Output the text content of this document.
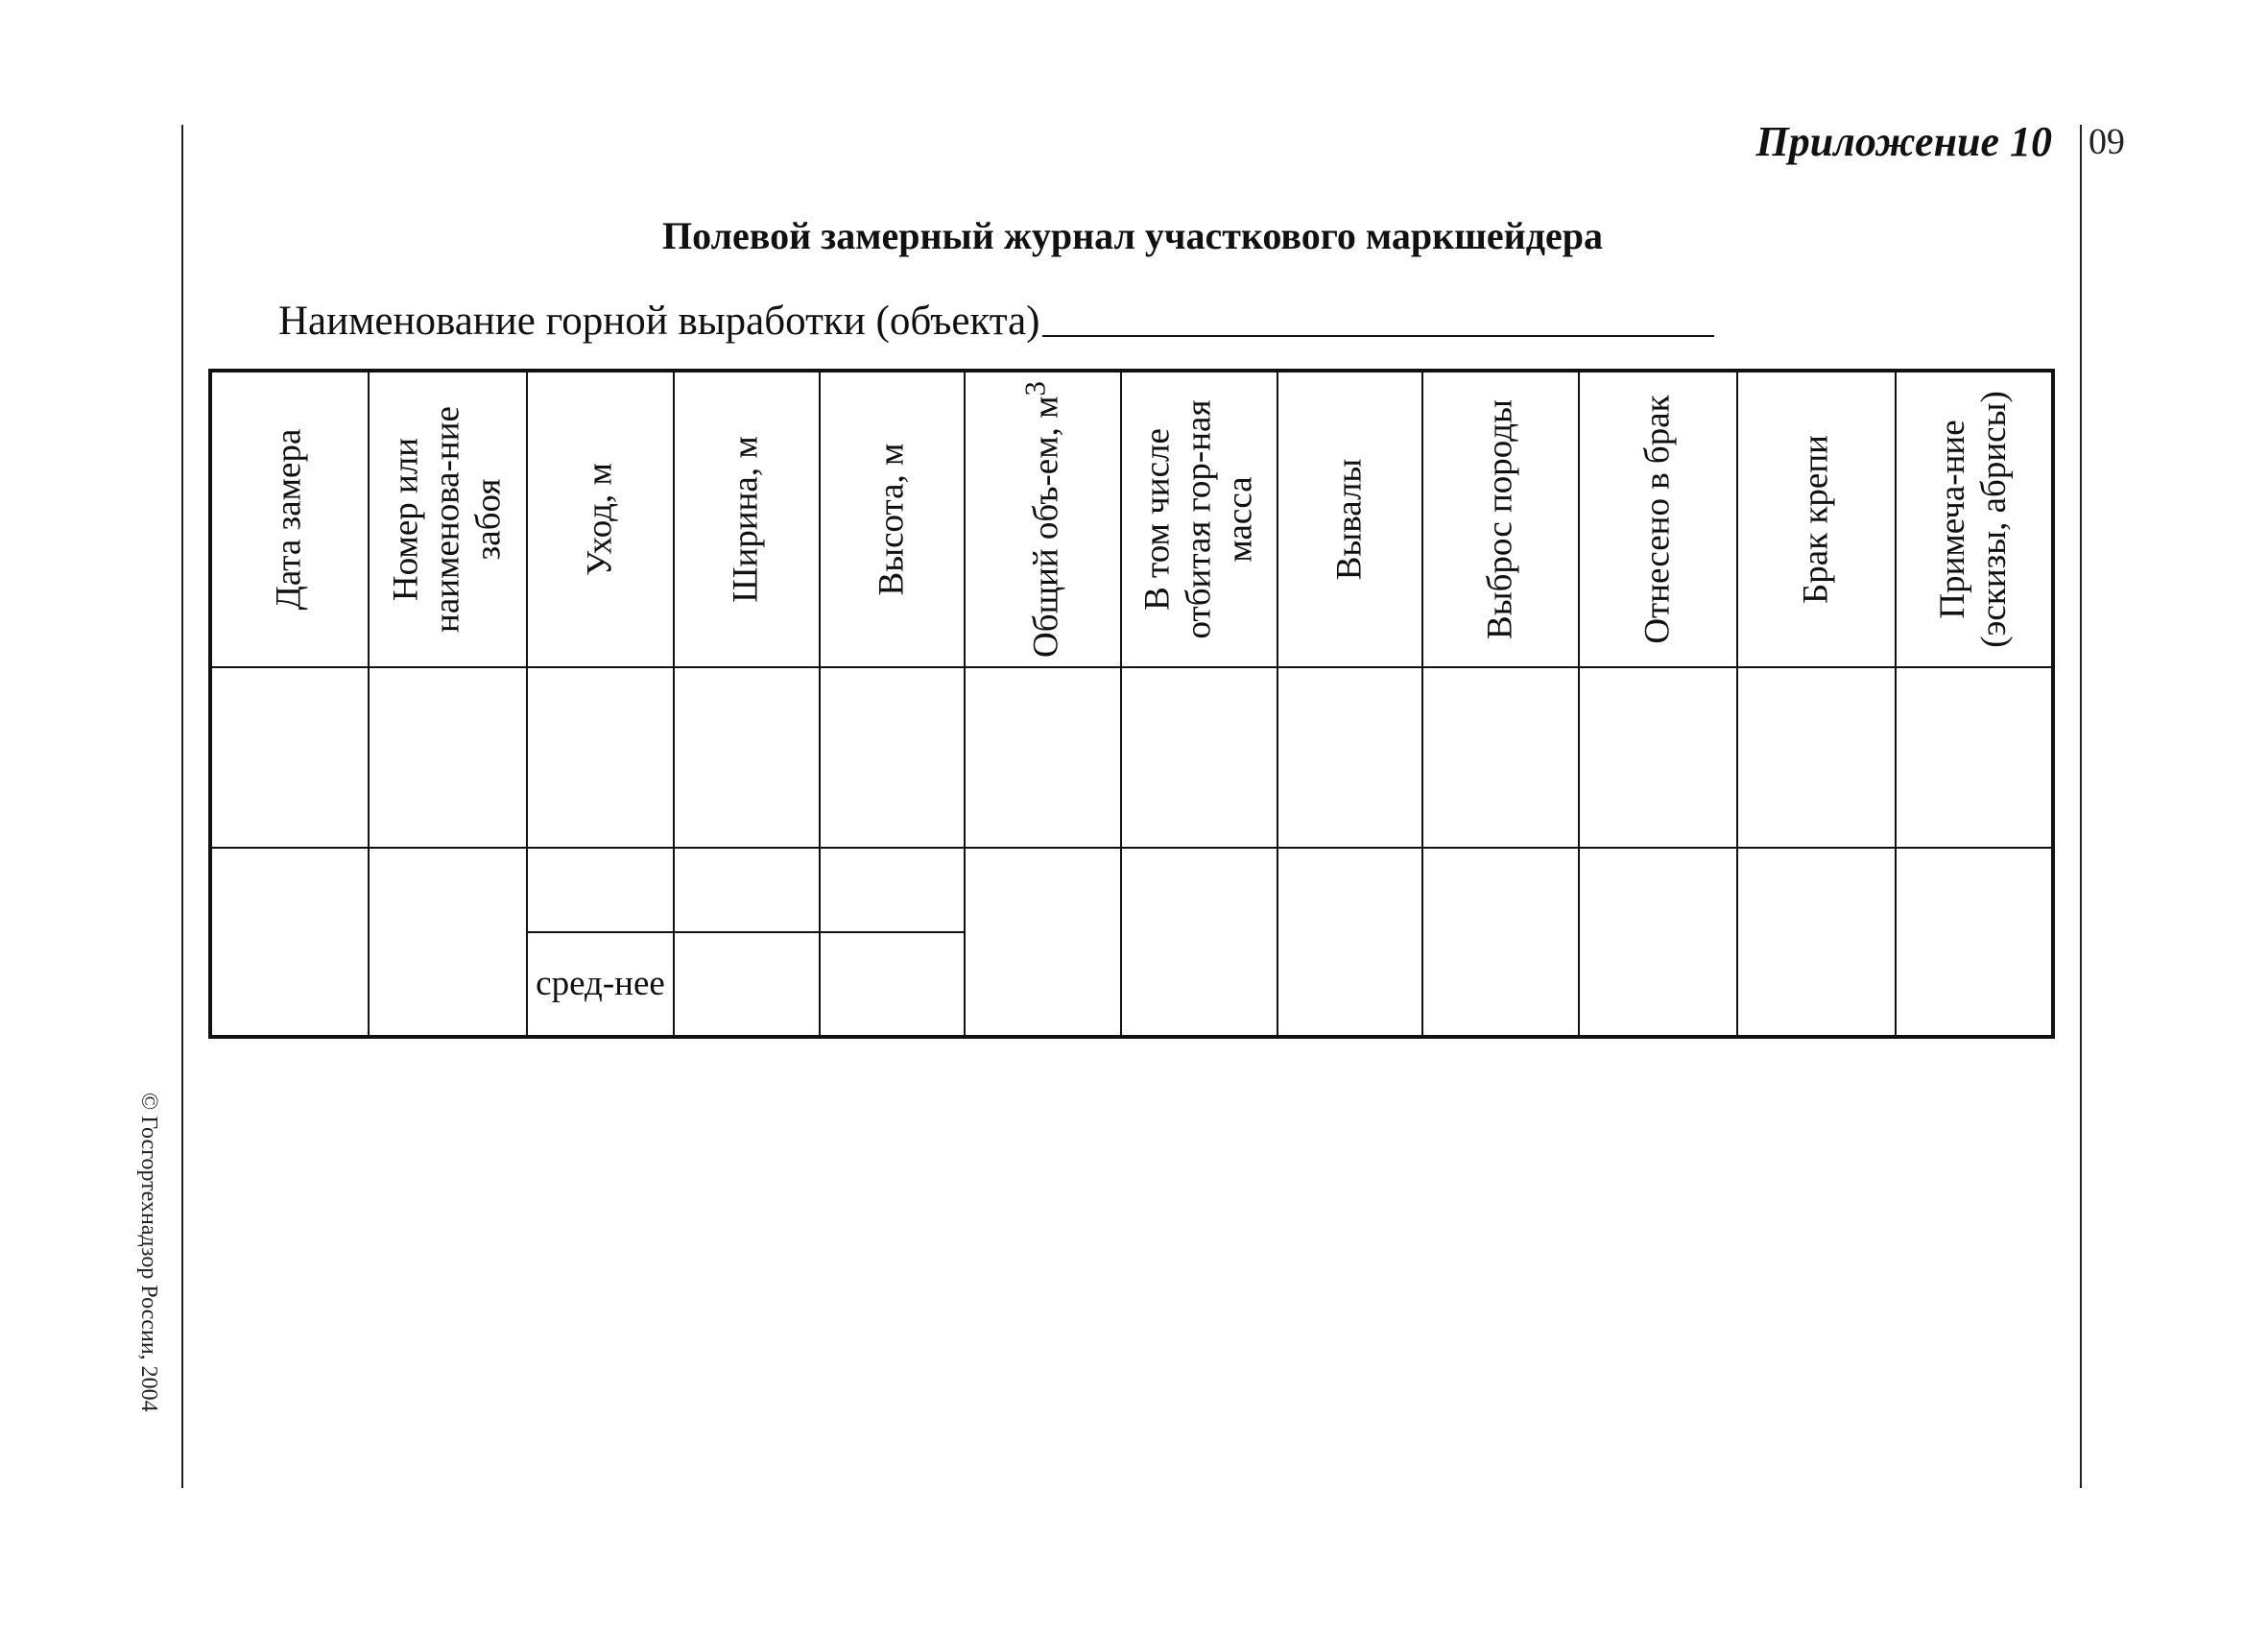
© Госгортехнадзор России, 2004
60
Приложение 10
Полевой замерный журнал участкового маркшейдера
Наименование горной выработки (объекта)
Дата замера	Номер или наименова-ние забоя	Уход, м	Ширина, м	Высота, м	Общий объ-ем, $м^3$	В том числе отбитая гор-ная масса	Вывалы	Выброс породы	Отнесено в брак	Брак крепи	Примеча-ние (эскизы, абрисы)

		сред-нее									
